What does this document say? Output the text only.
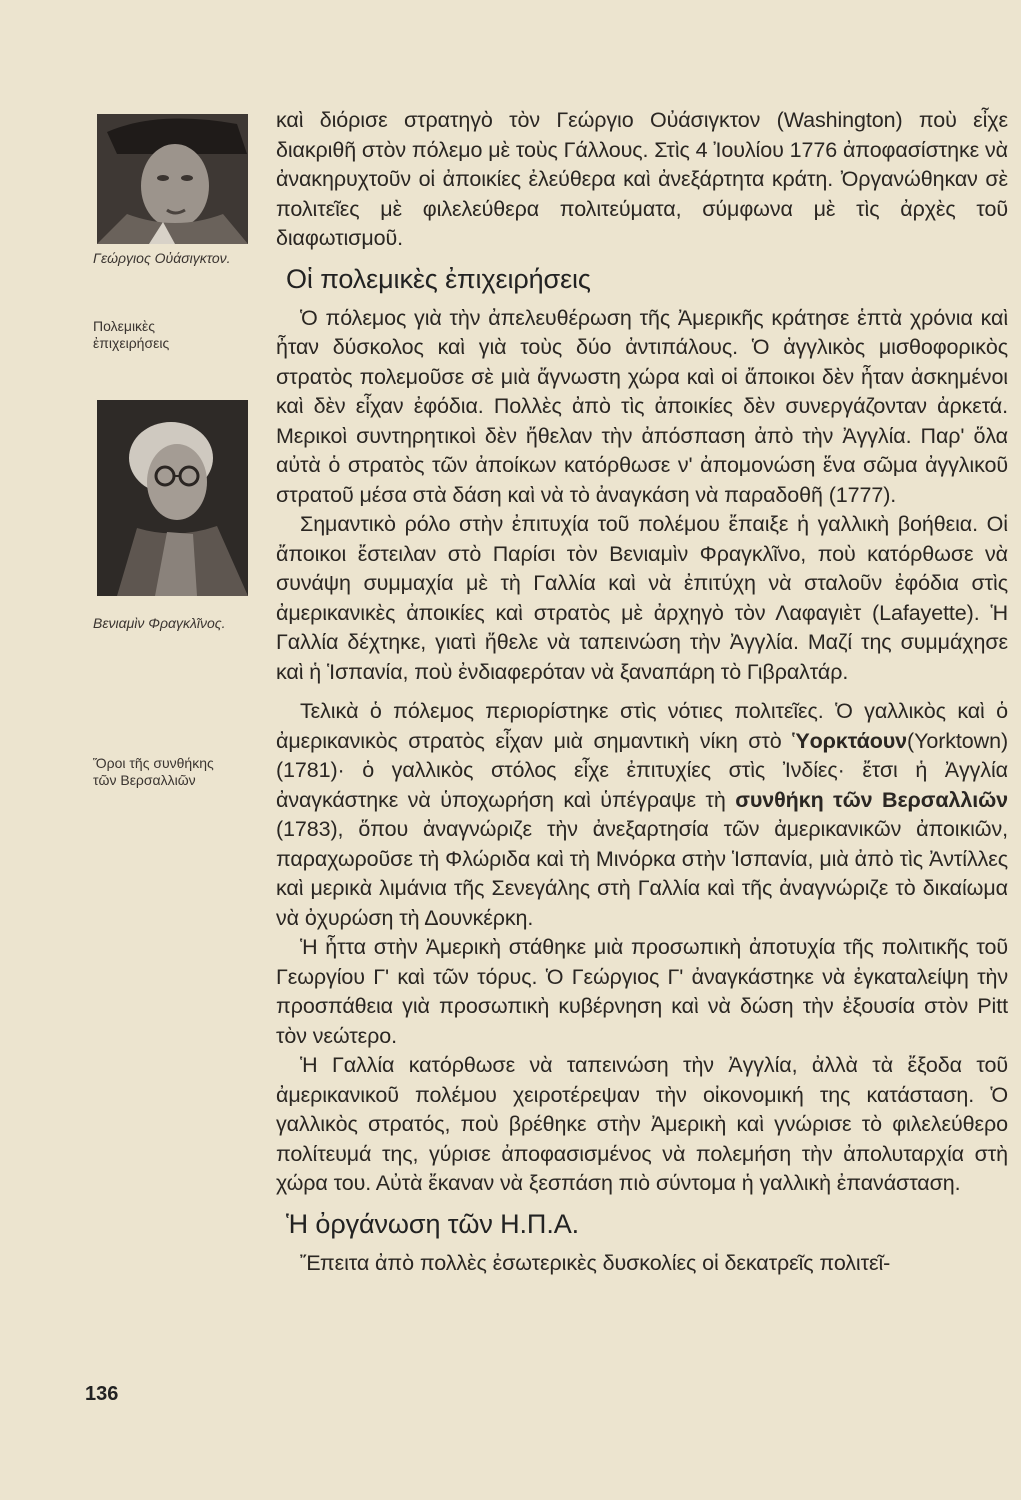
Γεώργιος Οὐάσιγκτον.
Πολεμικὲς ἐπιχειρήσεις
Βενιαμὶν Φραγκλῖνος.
Ὅροι τῆς συνθήκης τῶν Βερσαλλιῶν
136

καὶ διόρισε στρατηγὸ τὸν Γεώργιο Οὐάσιγκτον (Washington) ποὺ εἶχε διακριθῆ στὸν πόλεμο μὲ τοὺς Γάλλους. Στὶς 4 Ἰουλίου 1776 ἀποφασίστηκε νὰ ἀνακηρυχτοῦν οἱ ἀποικίες ἐλεύθερα καὶ ἀνεξάρτητα κράτη. Ὀργανώθηκαν σὲ πολιτεῖες μὲ φιλελεύθερα πολιτεύματα, σύμφωνα μὲ τὶς ἀρχὲς τοῦ διαφωτισμοῦ.

Οἱ πολεμικὲς ἐπιχειρήσεις

Ὁ πόλεμος γιὰ τὴν ἀπελευθέρωση τῆς Ἀμερικῆς κράτησε ἑπτὰ χρόνια καὶ ἦταν δύσκολος καὶ γιὰ τοὺς δύο ἀντιπάλους. Ὁ ἀγγλικὸς μισθοφορικὸς στρατὸς πολεμοῦσε σὲ μιὰ ἄγνωστη χώρα καὶ οἱ ἄποικοι δὲν ἦταν ἀσκημένοι καὶ δὲν εἶχαν ἐφόδια. Πολλὲς ἀπὸ τὶς ἀποικίες δὲν συνεργάζονταν ἀρκετά. Μερικοὶ συντηρητικοὶ δὲν ἤθελαν τὴν ἀπόσπαση ἀπὸ τὴν Ἀγγλία. Παρ' ὅλα αὐτὰ ὁ στρατὸς τῶν ἀποίκων κατόρθωσε ν' ἀπομονώση ἕνα σῶμα ἀγγλικοῦ στρατοῦ μέσα στὰ δάση καὶ νὰ τὸ ἀναγκάση νὰ παραδοθῆ (1777).

Σημαντικὸ ρόλο στὴν ἐπιτυχία τοῦ πολέμου ἔπαιξε ἡ γαλλικὴ βοήθεια. Οἱ ἄποικοι ἔστειλαν στὸ Παρίσι τὸν Βενιαμὶν Φραγκλῖνο, ποὺ κατόρθωσε νὰ συνάψη συμμαχία μὲ τὴ Γαλλία καὶ νὰ ἐπιτύχη νὰ σταλοῦν ἐφόδια στὶς ἀμερικανικὲς ἀποικίες καὶ στρατὸς μὲ ἀρχηγὸ τὸν Λαφαγιὲτ (Lafayette). Ἡ Γαλλία δέχτηκε, γιατὶ ἤθελε νὰ ταπεινώση τὴν Ἀγγλία. Μαζί της συμμάχησε καὶ ἡ Ἱσπανία, ποὺ ἐνδιαφερόταν νὰ ξαναπάρη τὸ Γιβραλτάρ.

Τελικὰ ὁ πόλεμος περιορίστηκε στὶς νότιες πολιτεῖες. Ὁ γαλλικὸς καὶ ὁ ἀμερικανικὸς στρατὸς εἶχαν μιὰ σημαντικὴ νίκη στὸ Ὑορκτάουν(Yorktown)(1781)· ὁ γαλλικὸς στόλος εἶχε ἐπιτυχίες στὶς Ἰνδίες· ἔτσι ἡ Ἀγγλία ἀναγκάστηκε νὰ ὑποχωρήση καὶ ὑπέγραψε τὴ συνθήκη τῶν Βερσαλλιῶν (1783), ὅπου ἀναγνώριζε τὴν ἀνεξαρτησία τῶν ἀμερικανικῶν ἀποικιῶν, παραχωροῦσε τὴ Φλώριδα καὶ τὴ Μινόρκα στὴν Ἱσπανία, μιὰ ἀπὸ τὶς Ἀντίλλες καὶ μερικὰ λιμάνια τῆς Σενεγάλης στὴ Γαλλία καὶ τῆς ἀναγνώριζε τὸ δικαίωμα νὰ ὀχυρώση τὴ Δουνκέρκη.

Ἡ ἧττα στὴν Ἀμερικὴ στάθηκε μιὰ προσωπικὴ ἀποτυχία τῆς πολιτικῆς τοῦ Γεωργίου Γ' καὶ τῶν τόρυς. Ὁ Γεώργιος Γ' ἀναγκάστηκε νὰ ἐγκαταλείψη τὴν προσπάθεια γιὰ προσωπικὴ κυβέρνηση καὶ νὰ δώση τὴν ἐξουσία στὸν Pitt τὸν νεώτερο.

Ἡ Γαλλία κατόρθωσε νὰ ταπεινώση τὴν Ἀγγλία, ἀλλὰ τὰ ἔξοδα τοῦ ἀμερικανικοῦ πολέμου χειροτέρεψαν τὴν οἰκονομική της κατάσταση. Ὁ γαλλικὸς στρατός, ποὺ βρέθηκε στὴν Ἀμερικὴ καὶ γνώρισε τὸ φιλελεύθερο πολίτευμά της, γύρισε ἀποφασισμένος νὰ πολεμήση τὴν ἀπολυταρχία στὴ χώρα του. Αὐτὰ ἔκαναν νὰ ξεσπάση πιὸ σύντομα ἡ γαλλικὴ ἐπανάσταση.

Ἡ ὀργάνωση τῶν Η.Π.Α.

Ἔπειτα ἀπὸ πολλὲς ἐσωτερικὲς δυσκολίες οἱ δεκατρεῖς πολιτεῖ-
